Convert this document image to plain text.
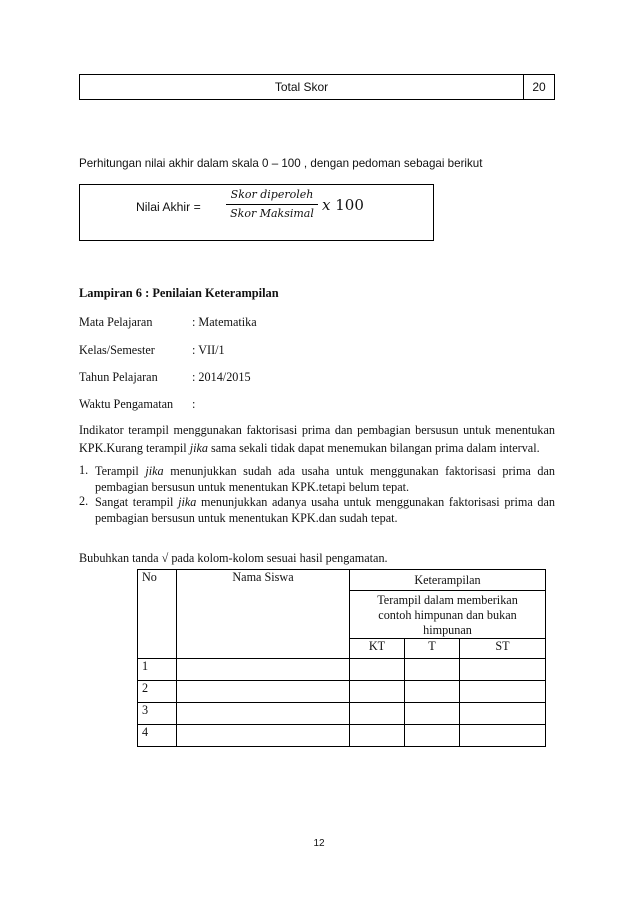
Total Skor	20
Perhitungan nilai akhir dalam skala 0 – 100 , dengan pedoman sebagai berikut
Nilai Akhir =
Skor diperoleh
Skor Maksimal x 100
Lampiran 6 : Penilaian Keterampilan
Mata Pelajaran	: Matematika
Kelas/Semester	: VII/1
Tahun Pelajaran	: 2014/2015
Waktu Pengamatan :
Indikator terampil menggunakan faktorisasi prima dan pembagian bersusun untuk menentukan KPK.Kurang terampil jika sama sekali tidak dapat menemukan bilangan prima dalam interval.
1. Terampil jika menunjukkan sudah ada usaha untuk menggunakan faktorisasi prima dan pembagian bersusun untuk menentukan KPK.tetapi belum tepat.
2. Sangat terampil jika menunjukkan adanya usaha untuk menggunakan faktorisasi prima dan pembagian bersusun untuk menentukan KPK.dan sudah tepat.
Bubuhkan tanda √ pada kolom-kolom sesuai hasil pengamatan.
No	Nama Siswa	Keterampilan		
		Terampil dalam memberikan contoh himpunan dan bukan himpunan		
		KT	T	ST
1				
2				
3				
4				
12
